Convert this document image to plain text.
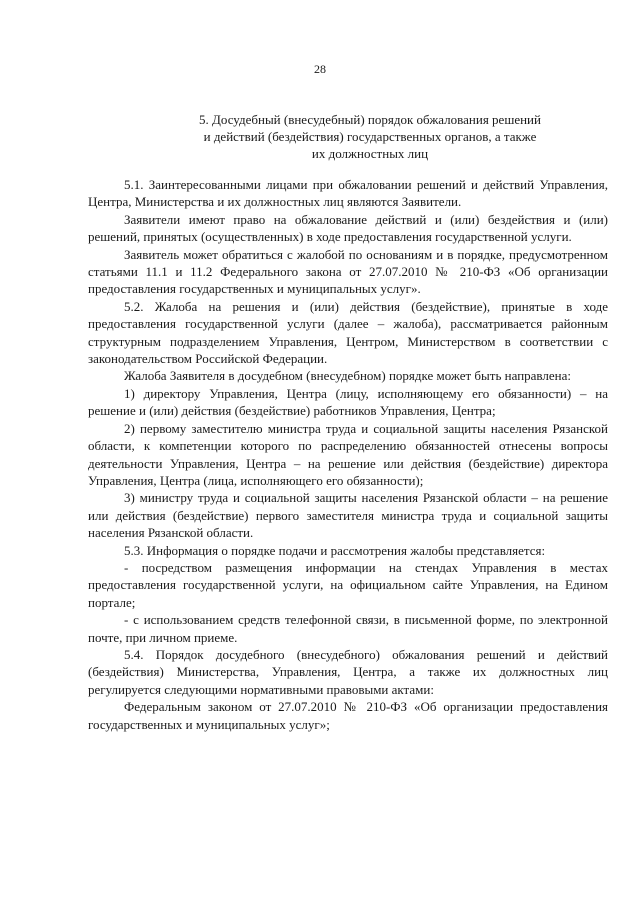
28
5. Досудебный (внесудебный) порядок обжалования решений
и действий (бездействия) государственных органов, а также
их должностных лиц

5.1. Заинтересованными лицами при обжаловании решений и действий Управления, Центра, Министерства и их должностных лиц являются Заявители.

Заявители имеют право на обжалование действий и (или) бездействия и (или) решений, принятых (осуществленных) в ходе предоставления государственной услуги.

Заявитель может обратиться с жалобой по основаниям и в порядке, предусмотренном статьями 11.1 и 11.2 Федерального закона от 27.07.2010 № 210-ФЗ «Об организации предоставления государственных и муниципальных услуг».

5.2. Жалоба на решения и (или) действия (бездействие), принятые в ходе предоставления государственной услуги (далее – жалоба), рассматривается районным структурным подразделением Управления, Центром, Министерством в соответствии с законодательством Российской Федерации.

Жалоба Заявителя в досудебном (внесудебном) порядке может быть направлена:

1) директору Управления, Центра (лицу, исполняющему его обязанности) – на решение и (или) действия (бездействие) работников Управления, Центра;

2) первому заместителю министра труда и социальной защиты населения Рязанской области, к компетенции которого по распределению обязанностей отнесены вопросы деятельности Управления, Центра – на решение или действия (бездействие) директора Управления, Центра (лица, исполняющего его обязанности);

3) министру труда и социальной защиты населения Рязанской области – на решение или действия (бездействие) первого заместителя министра труда и социальной защиты населения Рязанской области.

5.3. Информация о порядке подачи и рассмотрения жалобы представляется:

- посредством размещения информации на стендах Управления в местах предоставления государственной услуги, на официальном сайте Управления, на Едином портале;

- с использованием средств телефонной связи, в письменной форме, по электронной почте, при личном приеме.

5.4. Порядок досудебного (внесудебного) обжалования решений и действий (бездействия) Министерства, Управления, Центра, а также их должностных лиц регулируется следующими нормативными правовыми актами:

Федеральным законом от 27.07.2010 № 210-ФЗ «Об организации предоставления государственных и муниципальных услуг»;
